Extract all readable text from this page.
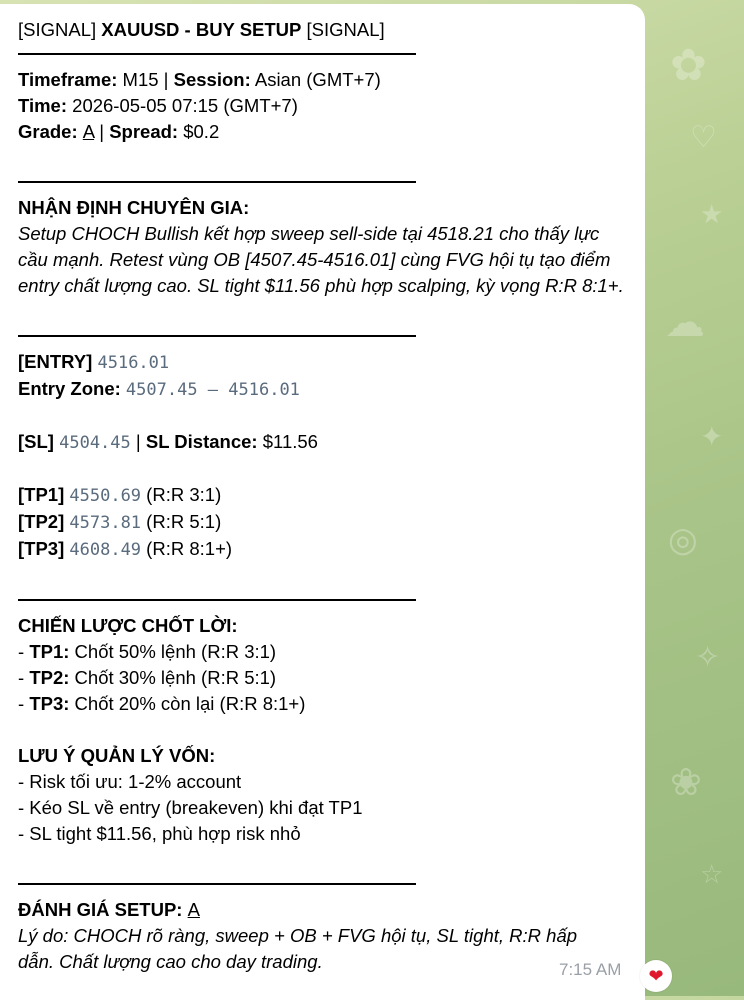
✿
♡
★
☁
✦
◎
✧
❀
☆
[SIGNAL] XAUUSD - BUY SETUP [SIGNAL]
Timeframe: M15 | Session: Asian (GMT+7)
Time: 2026-05-05 07:15 (GMT+7)
Grade: A | Spread: $0.2
NHẬN ĐỊNH CHUYÊN GIA:
Setup CHOCH Bullish kết hợp sweep sell-side tại 4518.21 cho thấy lực cầu mạnh. Retest vùng OB [4507.45-4516.01] cùng FVG hội tụ tạo điểm entry chất lượng cao. SL tight $11.56 phù hợp scalping, kỳ vọng R:R 8:1+.
[ENTRY] 4516.01
Entry Zone: 4507.45 – 4516.01
[SL] 4504.45 | SL Distance: $11.56
[TP1] 4550.69 (R:R 3:1)
[TP2] 4573.81 (R:R 5:1)
[TP3] 4608.49 (R:R 8:1+)
CHIẾN LƯỢC CHỐT LỜI:
- TP1: Chốt 50% lệnh (R:R 3:1)
- TP2: Chốt 30% lệnh (R:R 5:1)
- TP3: Chốt 20% còn lại (R:R 8:1+)
LƯU Ý QUẢN LÝ VỐN:
- Risk tối ưu: 1-2% account
- Kéo SL về entry (breakeven) khi đạt TP1
- SL tight $11.56, phù hợp risk nhỏ
ĐÁNH GIÁ SETUP: A
Lý do: CHOCH rõ ràng, sweep + OB + FVG hội tụ, SL tight, R:R hấp dẫn. Chất lượng cao cho day trading.	7:15 AM ❤
